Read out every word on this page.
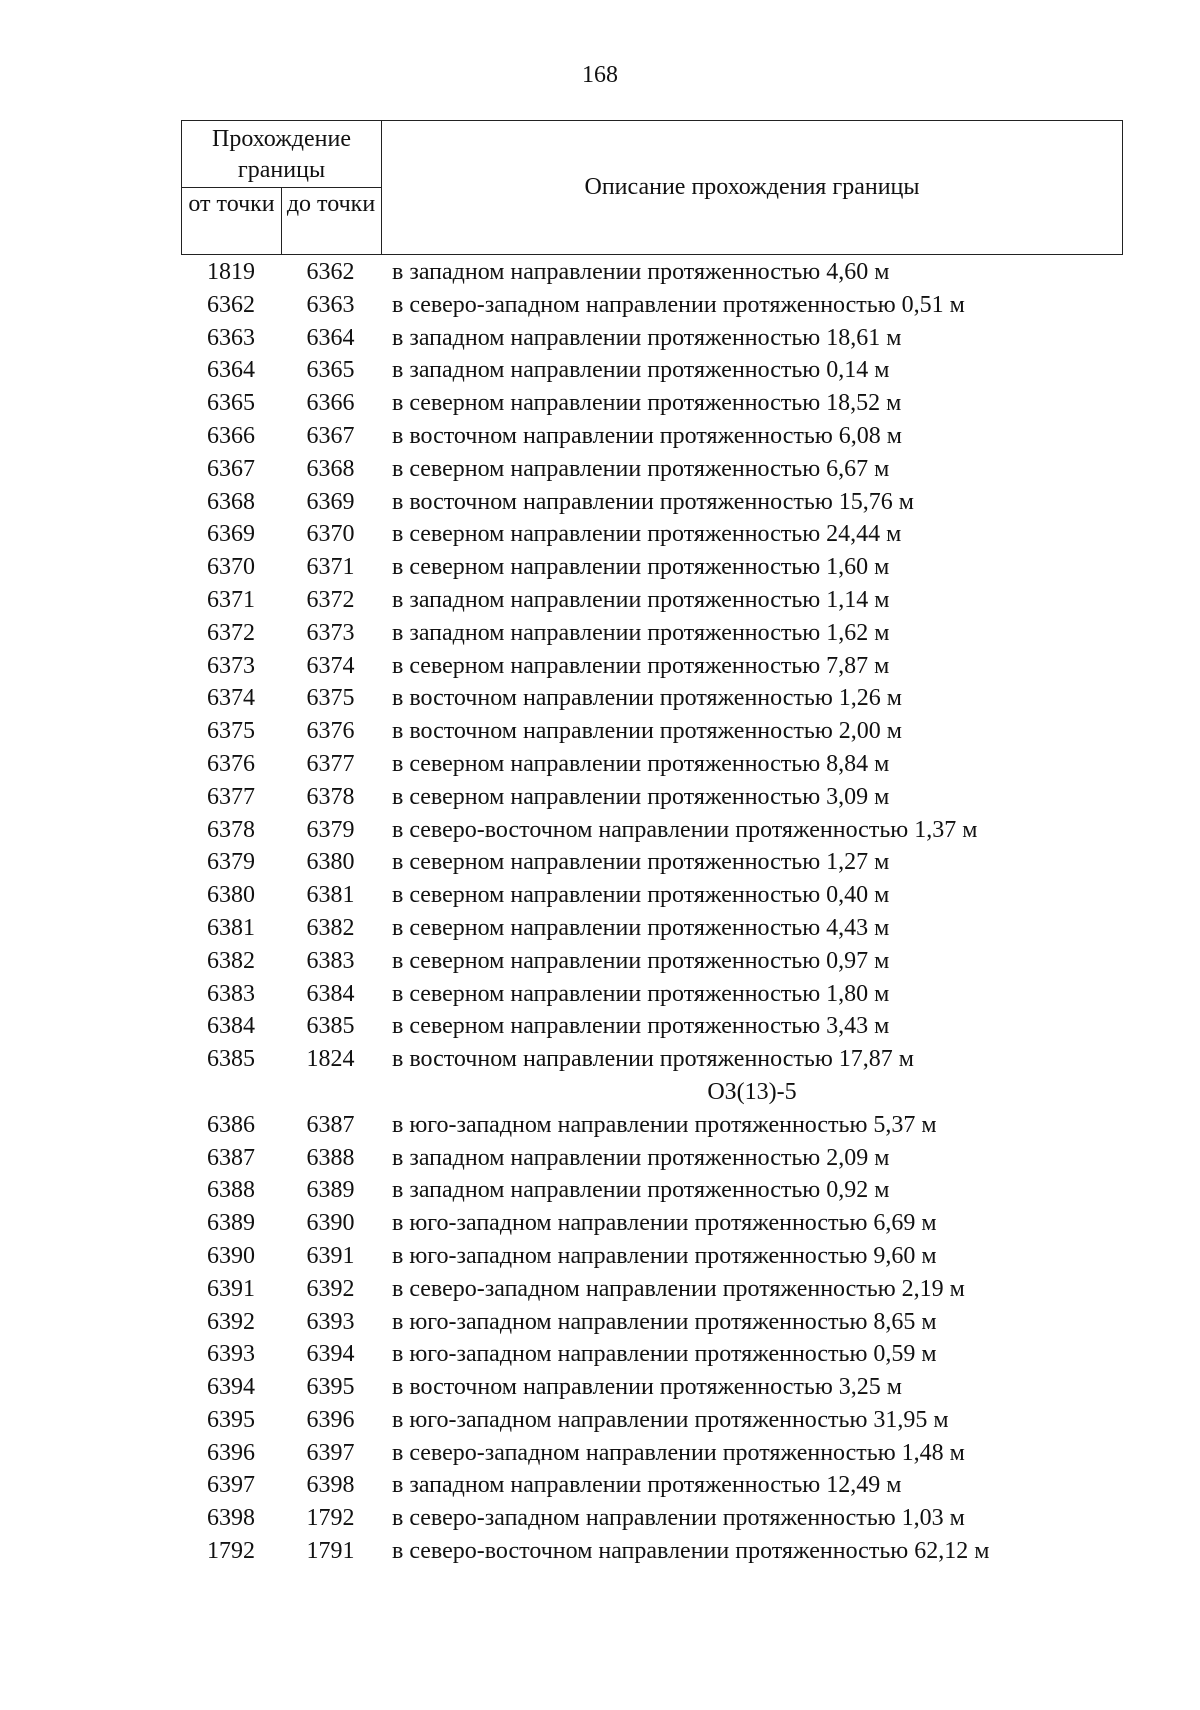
168
Прохождение границы
от точки до точки
Описание прохождения границы
1819	6362	в западном направлении протяженностью 4,60 м
6362	6363	в северо-западном направлении протяженностью 0,51 м
6363	6364	в западном направлении протяженностью 18,61 м
6364	6365	в западном направлении протяженностью 0,14 м
6365	6366	в северном направлении протяженностью 18,52 м
6366	6367	в восточном направлении протяженностью 6,08 м
6367	6368	в северном направлении протяженностью 6,67 м
6368	6369	в восточном направлении протяженностью 15,76 м
6369	6370	в северном направлении протяженностью 24,44 м
6370	6371	в северном направлении протяженностью 1,60 м
6371	6372	в западном направлении протяженностью 1,14 м
6372	6373	в западном направлении протяженностью 1,62 м
6373	6374	в северном направлении протяженностью 7,87 м
6374	6375	в восточном направлении протяженностью 1,26 м
6375	6376	в восточном направлении протяженностью 2,00 м
6376	6377	в северном направлении протяженностью 8,84 м
6377	6378	в северном направлении протяженностью 3,09 м
6378	6379	в северо-восточном направлении протяженностью 1,37 м
6379	6380	в северном направлении протяженностью 1,27 м
6380	6381	в северном направлении протяженностью 0,40 м
6381	6382	в северном направлении протяженностью 4,43 м
6382	6383	в северном направлении протяженностью 0,97 м
6383	6384	в северном направлении протяженностью 1,80 м
6384	6385	в северном направлении протяженностью 3,43 м
6385	1824	в восточном направлении протяженностью 17,87 м
ОЗ(13)-5
6386	6387	в юго-западном направлении протяженностью 5,37 м
6387	6388	в западном направлении протяженностью 2,09 м
6388	6389	в западном направлении протяженностью 0,92 м
6389	6390	в юго-западном направлении протяженностью 6,69 м
6390	6391	в юго-западном направлении протяженностью 9,60 м
6391	6392	в северо-западном направлении протяженностью 2,19 м
6392	6393	в юго-западном направлении протяженностью 8,65 м
6393	6394	в юго-западном направлении протяженностью 0,59 м
6394	6395	в восточном направлении протяженностью 3,25 м
6395	6396	в юго-западном направлении протяженностью 31,95 м
6396	6397	в северо-западном направлении протяженностью 1,48 м
6397	6398	в западном направлении протяженностью 12,49 м
6398	1792	в северо-западном направлении протяженностью 1,03 м
1792	1791	в северо-восточном направлении протяженностью 62,12 м
